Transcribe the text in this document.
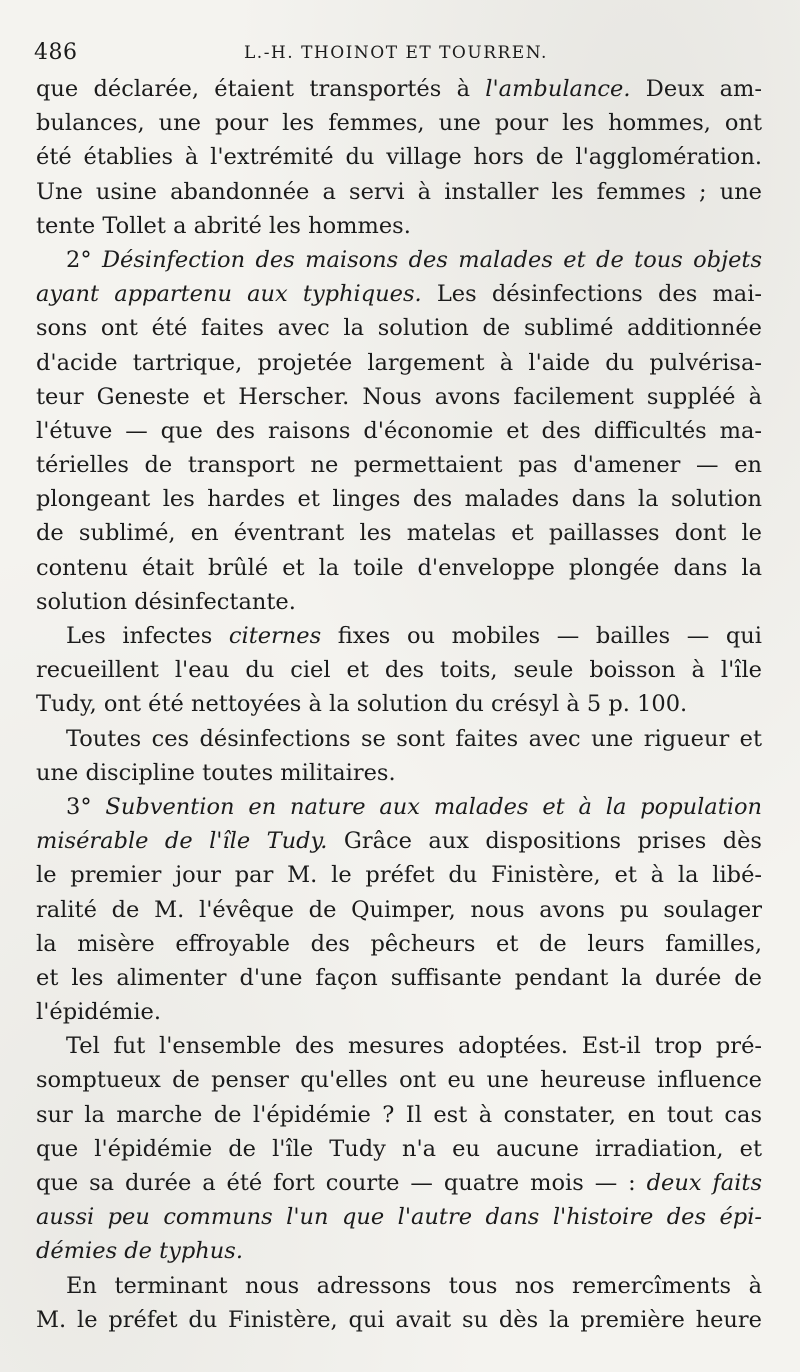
486	L.-H. THOINOT ET TOURREN.
que déclarée, étaient transportés à l'ambulance. Deux am-
bulances, une pour les femmes, une pour les hommes, ont
été établies à l'extrémité du village hors de l'agglomération.
Une usine abandonnée a servi à installer les femmes ; une
tente Tollet a abrité les hommes.
2° Désinfection des maisons des malades et de tous objets
ayant appartenu aux typhiques. Les désinfections des mai-
sons ont été faites avec la solution de sublimé additionnée
d'acide tartrique, projetée largement à l'aide du pulvérisa-
teur Geneste et Herscher. Nous avons facilement suppléé à
l'étuve — que des raisons d'économie et des difficultés ma-
térielles de transport ne permettaient pas d'amener — en
plongeant les hardes et linges des malades dans la solution
de sublimé, en éventrant les matelas et paillasses dont le
contenu était brûlé et la toile d'enveloppe plongée dans la
solution désinfectante.
Les infectes citernes fixes ou mobiles — bailles — qui
recueillent l'eau du ciel et des toits, seule boisson à l'île
Tudy, ont été nettoyées à la solution du crésyl à 5 p. 100.
Toutes ces désinfections se sont faites avec une rigueur et
une discipline toutes militaires.
3° Subvention en nature aux malades et à la population
misérable de l'île Tudy. Grâce aux dispositions prises dès
le premier jour par M. le préfet du Finistère, et à la libé-
ralité de M. l'évêque de Quimper, nous avons pu soulager
la misère effroyable des pêcheurs et de leurs familles,
et les alimenter d'une façon suffisante pendant la durée de
l'épidémie.
Tel fut l'ensemble des mesures adoptées. Est-il trop pré-
somptueux de penser qu'elles ont eu une heureuse influence
sur la marche de l'épidémie ? Il est à constater, en tout cas
que l'épidémie de l'île Tudy n'a eu aucune irradiation, et
que sa durée a été fort courte — quatre mois — : deux faits
aussi peu communs l'un que l'autre dans l'histoire des épi-
démies de typhus.
En terminant nous adressons tous nos remercîments à
M. le préfet du Finistère, qui avait su dès la première heure
